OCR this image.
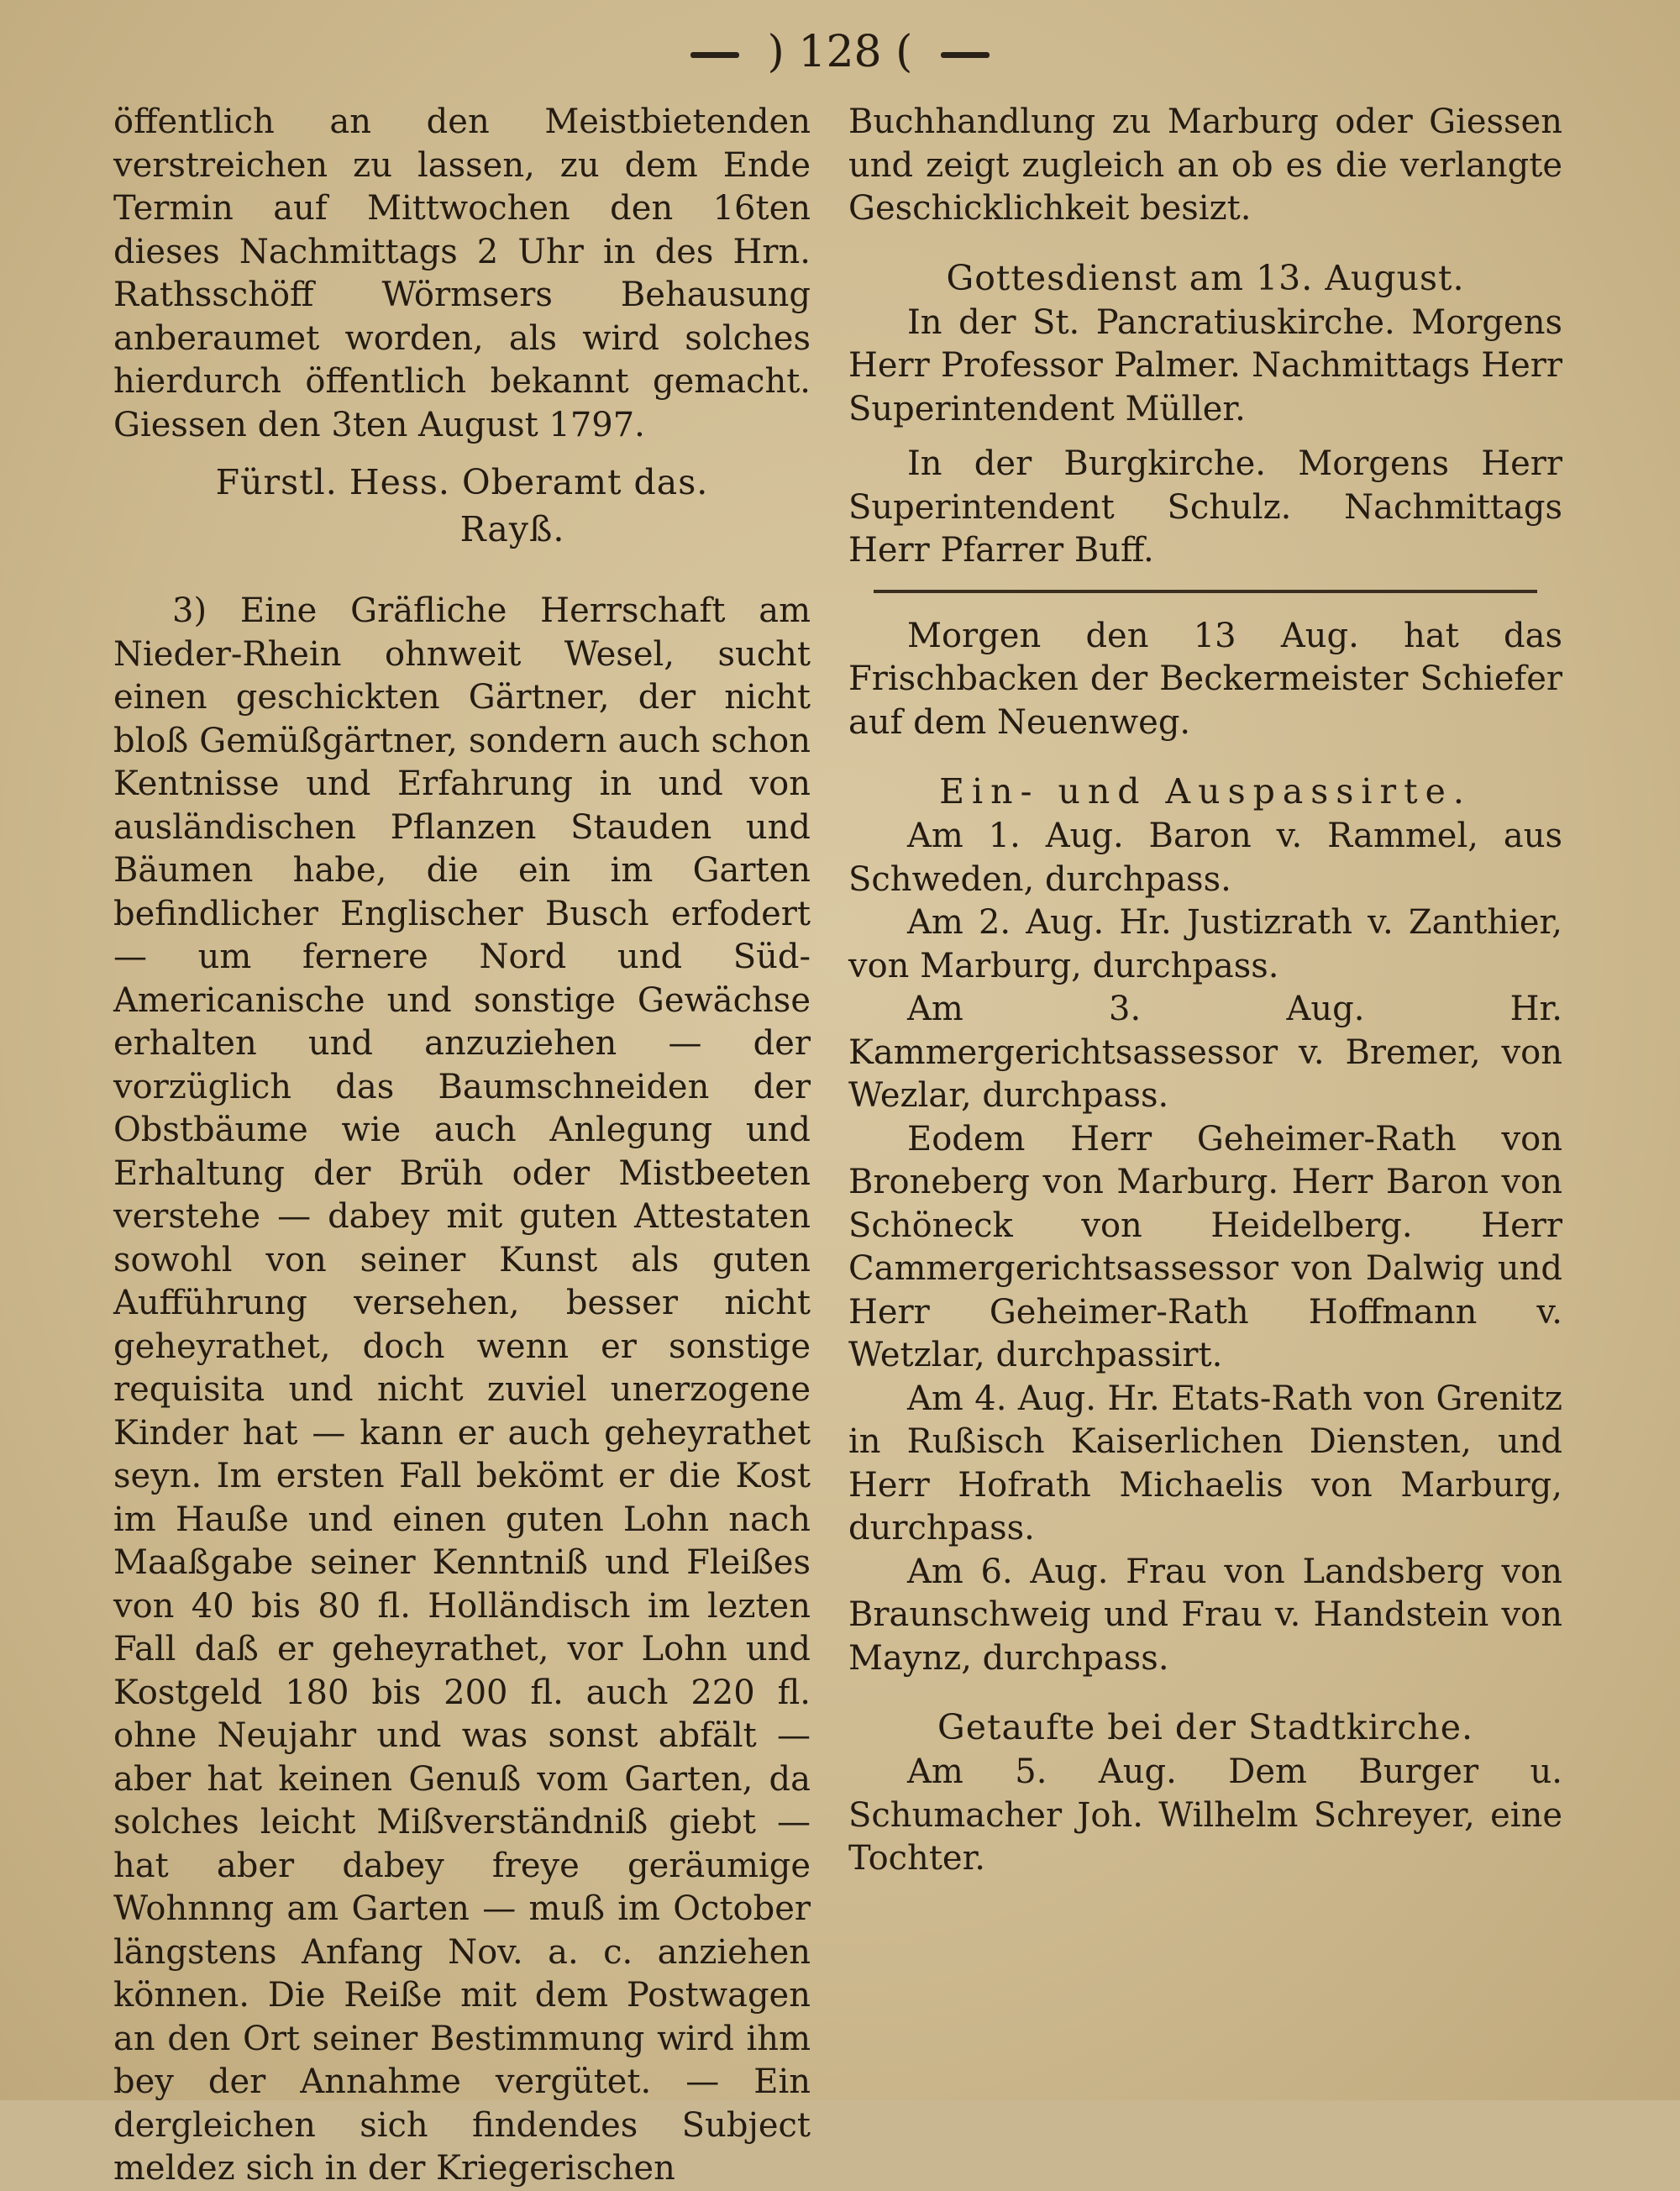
) 128 (

öffentlich an den Meistbietenden verstreichen zu lassen, zu dem Ende Termin auf Mittwochen den 16ten dieses Nachmittags 2 Uhr in des Hrn. Rathsschöff Wörmsers Behausung anberaumet worden, als wird solches hierdurch öffentlich bekannt gemacht. Giessen den 3ten August 1797.

Fürstl. Hess. Oberamt das.
Rayß.

3) Eine Gräfliche Herrschaft am Nieder-Rhein ohnweit Wesel, sucht einen geschickten Gärtner, der nicht bloß Gemüßgärtner, sondern auch schon Kentnisse und Erfahrung in und von ausländischen Pflanzen Stauden und Bäumen habe, die ein im Garten befindlicher Englischer Busch erfodert — um fernere Nord und Süd-Americanische und sonstige Gewächse erhalten und anzuziehen — der vorzüglich das Baumschneiden der Obstbäume wie auch Anlegung und Erhaltung der Brüh oder Mistbeeten verstehe — dabey mit guten Attestaten sowohl von seiner Kunst als guten Aufführung versehen, besser nicht geheyrathet, doch wenn er sonstige requisita und nicht zuviel unerzogene Kinder hat — kann er auch geheyrathet seyn. Im ersten Fall bekömt er die Kost im Hauße und einen guten Lohn nach Maaßgabe seiner Kenntniß und Fleißes von 40 bis 80 fl. Holländisch im lezten Fall daß er geheyrathet, vor Lohn und Kostgeld 180 bis 200 fl. auch 220 fl. ohne Neujahr und was sonst abfält — aber hat keinen Genuß vom Garten, da solches leicht Mißverständniß giebt — hat aber dabey freye geräumige Wohnnng am Garten — muß im October längstens Anfang Nov. a. c. anziehen können. Die Reiße mit dem Postwagen an den Ort seiner Bestimmung wird ihm bey der Annahme vergütet. — Ein dergleichen sich findendes Subject meldez sich in der Kriegerischen

Buchhandlung zu Marburg oder Giessen und zeigt zugleich an ob es die verlangte Geschicklichkeit besizt.

Gottesdienst am 13. August.

In der St. Pancratiuskirche. Morgens Herr Professor Palmer. Nachmittags Herr Superintendent Müller.

In der Burgkirche. Morgens Herr Superintendent Schulz. Nachmittags Herr Pfarrer Buff.

Morgen den 13 Aug. hat das Frischbacken der Beckermeister Schiefer auf dem Neuenweg.

Ein- und Auspassirte.

Am 1. Aug. Baron v. Rammel, aus Schweden, durchpass.

Am 2. Aug. Hr. Justizrath v. Zanthier, von Marburg, durchpass.

Am 3. Aug. Hr. Kammergerichtsassessor v. Bremer, von Wezlar, durchpass.

Eodem Herr Geheimer-Rath von Broneberg von Marburg. Herr Baron von Schöneck von Heidelberg. Herr Cammergerichtsassessor von Dalwig und Herr Geheimer-Rath Hoffmann v. Wetzlar, durchpassirt.

Am 4. Aug. Hr. Etats-Rath von Grenitz in Rußisch Kaiserlichen Diensten, und Herr Hofrath Michaelis von Marburg, durchpass.

Am 6. Aug. Frau von Landsberg von Braunschweig und Frau v. Handstein von Maynz, durchpass.

Getaufte bei der Stadtkirche.

Am 5. Aug. Dem Burger u. Schumacher Joh. Wilhelm Schreyer, eine Tochter.
